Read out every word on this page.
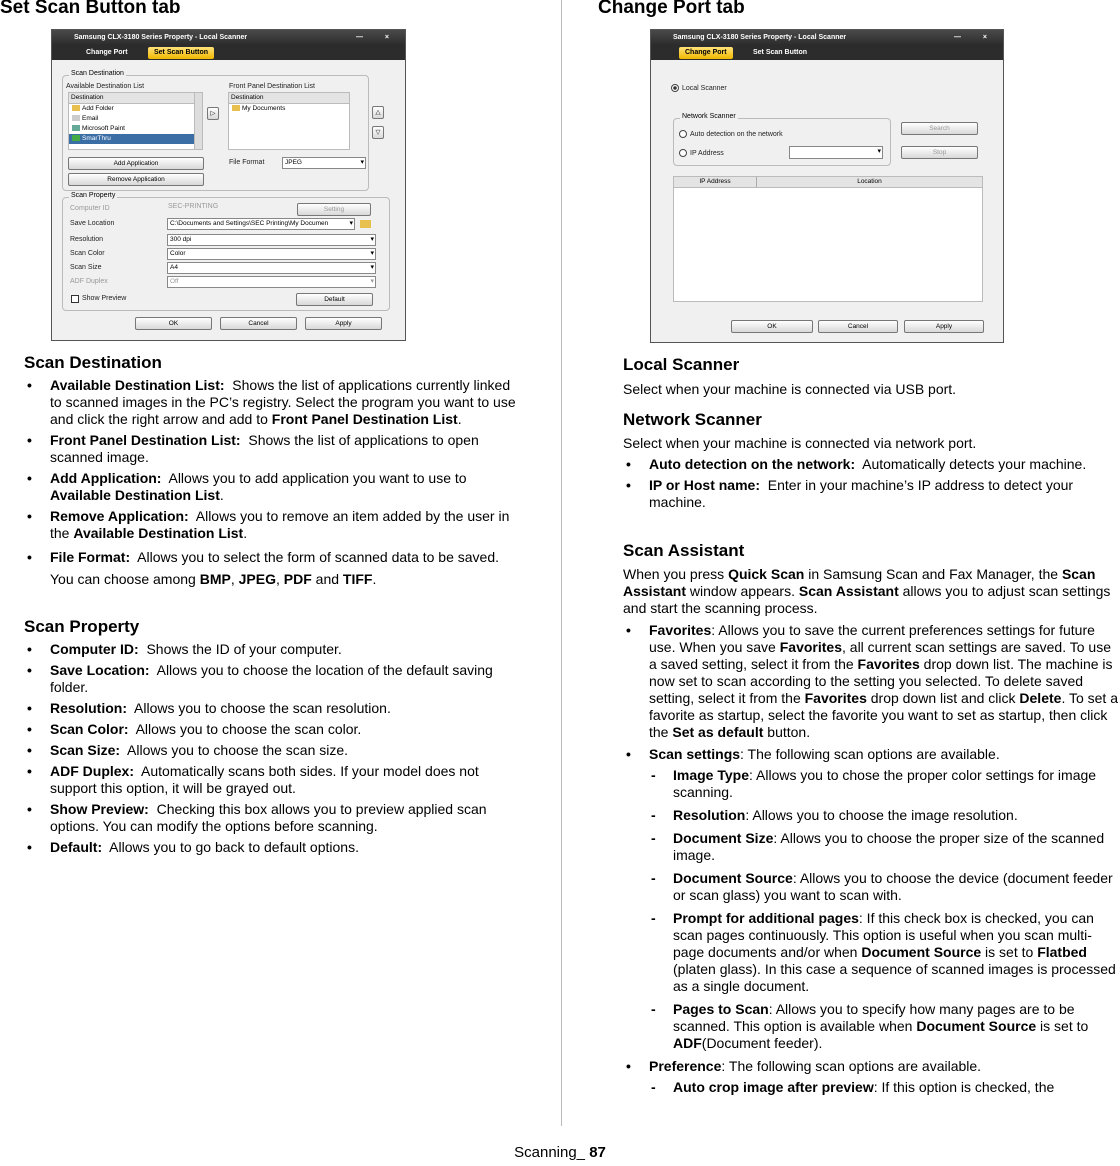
Set Scan Button tab
Samsung CLX-3180 Series Property - Local Scanner	— ×
Change Port	Set Scan Button
Scan Destination
Available Destination List	Front Panel Destination List
Destination
Add Folder
Email
Microsoft Paint
SmarThru
▷
Destination
My Documents
△
▽
Add Application
Remove Application
File Format	JPEG ▾
Scan Property
Computer ID	SEC-PRINTING	Setting
Save Location	C:\Documents and Settings\SEC Printing\My Documen ▾
Resolution	300 dpi ▾
Scan Color	Color ▾
Scan Size	A4 ▾
ADF Duplex	Off ▾
Show Preview	Default
OK	Cancel	Apply
Scan Destination
• Available Destination List: Shows the list of applications currently linked to scanned images in the PC’s registry. Select the program you want to use and click the right arrow and add to Front Panel Destination List.
• Front Panel Destination List: Shows the list of applications to open scanned image.
• Add Application: Allows you to add application you want to use to Available Destination List.
• Remove Application: Allows you to remove an item added by the user in the Available Destination List.
• File Format: Allows you to select the form of scanned data to be saved. You can choose among BMP, JPEG, PDF and TIFF.
Scan Property
• Computer ID: Shows the ID of your computer.
• Save Location: Allows you to choose the location of the default saving folder.
• Resolution: Allows you to choose the scan resolution.
• Scan Color: Allows you to choose the scan color.
• Scan Size: Allows you to choose the scan size.
• ADF Duplex: Automatically scans both sides. If your model does not support this option, it will be grayed out.
• Show Preview: Checking this box allows you to preview applied scan options. You can modify the options before scanning.
• Default: Allows you to go back to default options.
Change Port tab
Samsung CLX-3180 Series Property - Local Scanner	— ×
Change Port	Set Scan Button
Local Scanner
Network Scanner
Auto detection on the network
IP Address
▾
Search
Stop
IP Address	Location
OK	Cancel	Apply
Local Scanner

Select when your machine is connected via USB port.

Network Scanner

Select when your machine is connected via network port.

• Auto detection on the network: Automatically detects your machine.
• IP or Host name: Enter in your machine’s IP address to detect your machine.
Scan Assistant

When you press Quick Scan in Samsung Scan and Fax Manager, the Scan Assistant window appears. Scan Assistant allows you to adjust scan settings and start the scanning process.

• Favorites: Allows you to save the current preferences settings for future use. When you save Favorites, all current scan settings are saved. To use a saved setting, select it from the Favorites drop down list. The machine is now set to scan according to the setting you selected. To delete saved setting, select it from the Favorites drop down list and click Delete. To set a favorite as startup, select the favorite you want to set as startup, then click the Set as default button.
• Scan settings: The following scan options are available.
- Image Type: Allows you to chose the proper color settings for image scanning.
- Resolution: Allows you to choose the image resolution.
- Document Size: Allows you to choose the proper size of the scanned image.
- Document Source: Allows you to choose the device (document feeder or scan glass) you want to scan with.
- Prompt for additional pages: If this check box is checked, you can scan pages continuously. This option is useful when you scan multi-page documents and/or when Document Source is set to Flatbed (platen glass). In this case a sequence of scanned images is processed as a single document.
- Pages to Scan: Allows you to specify how many pages are to be scanned. This option is available when Document Source is set to ADF(Document feeder).
• Preference: The following scan options are available.
- Auto crop image after preview: If this option is checked, the
Scanning_ 87
